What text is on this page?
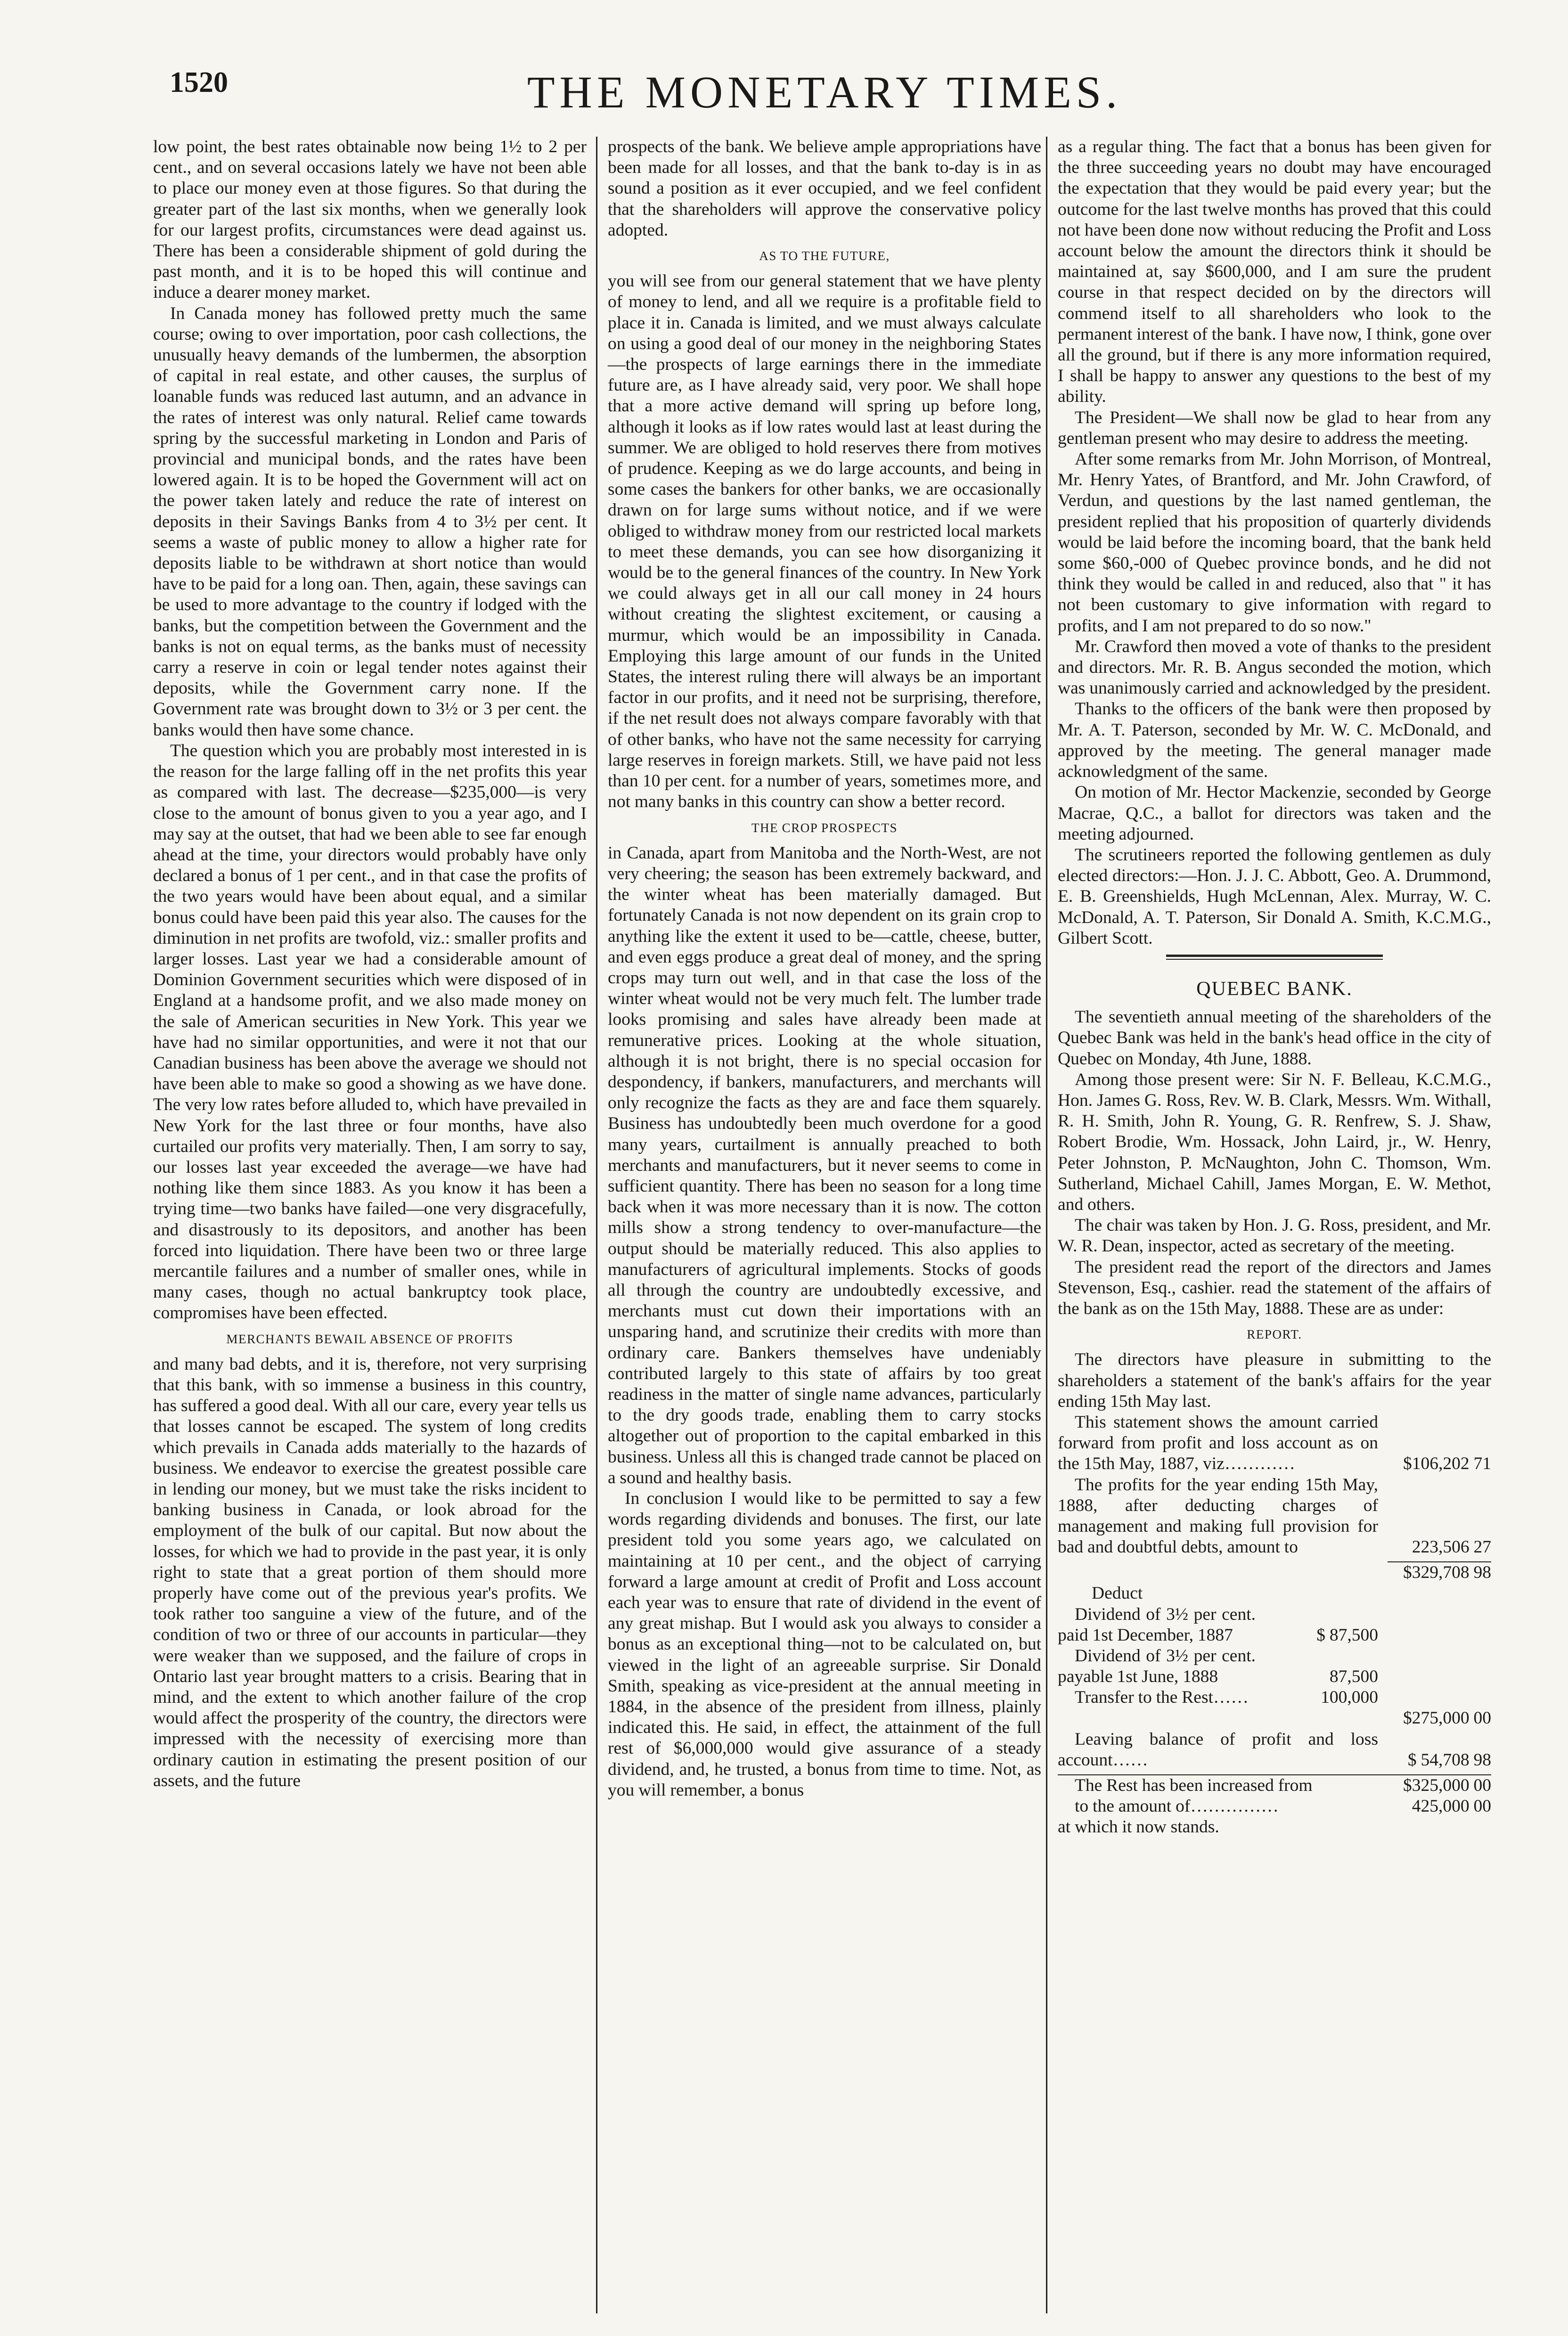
1520	THE MONETARY TIMES.

low point, the best rates obtainable now being 1½ to 2 per cent., and on several occasions lately we have not been able to place our money even at those figures. So that during the greater part of the last six months, when we generally look for our largest profits, circumstances were dead against us. There has been a considerable shipment of gold during the past month, and it is to be hoped this will continue and induce a dearer money market.

In Canada money has followed pretty much the same course; owing to over importation, poor cash collections, the unusually heavy demands of the lumbermen, the absorption of capital in real estate, and other causes, the surplus of loanable funds was reduced last autumn, and an advance in the rates of interest was only natural. Relief came towards spring by the successful marketing in London and Paris of provincial and municipal bonds, and the rates have been lowered again. It is to be hoped the Government will act on the power taken lately and reduce the rate of interest on deposits in their Savings Banks from 4 to 3½ per cent. It seems a waste of public money to allow a higher rate for deposits liable to be withdrawn at short notice than would have to be paid for a long oan. Then, again, these savings can be used to more advantage to the country if lodged with the banks, but the competition between the Government and the banks is not on equal terms, as the banks must of necessity carry a reserve in coin or legal tender notes against their deposits, while the Government carry none. If the Government rate was brought down to 3½ or 3 per cent. the banks would then have some chance.

The question which you are probably most interested in is the reason for the large falling off in the net profits this year as compared with last. The decrease—$235,000—is very close to the amount of bonus given to you a year ago, and I may say at the outset, that had we been able to see far enough ahead at the time, your directors would probably have only declared a bonus of 1 per cent., and in that case the profits of the two years would have been about equal, and a similar bonus could have been paid this year also. The causes for the diminution in net profits are twofold, viz.: smaller profits and larger losses. Last year we had a considerable amount of Dominion Government securities which were disposed of in England at a handsome profit, and we also made money on the sale of American securities in New York. This year we have had no similar opportunities, and were it not that our Canadian business has been above the average we should not have been able to make so good a showing as we have done. The very low rates before alluded to, which have prevailed in New York for the last three or four months, have also curtailed our profits very materially. Then, I am sorry to say, our losses last year exceeded the average—we have had nothing like them since 1883. As you know it has been a trying time—two banks have failed—one very disgracefully, and disastrously to its depositors, and another has been forced into liquidation. There have been two or three large mercantile failures and a number of smaller ones, while in many cases, though no actual bankruptcy took place, compromises have been effected.

MERCHANTS BEWAIL ABSENCE OF PROFITS

and many bad debts, and it is, therefore, not very surprising that this bank, with so immense a business in this country, has suffered a good deal. With all our care, every year tells us that losses cannot be escaped. The system of long credits which prevails in Canada adds materially to the hazards of business. We endeavor to exercise the greatest possible care in lending our money, but we must take the risks incident to banking business in Canada, or look abroad for the employment of the bulk of our capital. But now about the losses, for which we had to provide in the past year, it is only right to state that a great portion of them should more properly have come out of the previous year's profits. We took rather too sanguine a view of the future, and of the condition of two or three of our accounts in particular—they were weaker than we supposed, and the failure of crops in Ontario last year brought matters to a crisis. Bearing that in mind, and the extent to which another failure of the crop would affect the prosperity of the country, the directors were impressed with the necessity of exercising more than ordinary caution in estimating the present position of our assets, and the future

prospects of the bank. We believe ample appropriations have been made for all losses, and that the bank to-day is in as sound a position as it ever occupied, and we feel confident that the shareholders will approve the conservative policy adopted.

AS TO THE FUTURE,

you will see from our general statement that we have plenty of money to lend, and all we require is a profitable field to place it in. Canada is limited, and we must always calculate on using a good deal of our money in the neighboring States—the prospects of large earnings there in the immediate future are, as I have already said, very poor. We shall hope that a more active demand will spring up before long, although it looks as if low rates would last at least during the summer. We are obliged to hold reserves there from motives of prudence. Keeping as we do large accounts, and being in some cases the bankers for other banks, we are occasionally drawn on for large sums without notice, and if we were obliged to withdraw money from our restricted local markets to meet these demands, you can see how disorganizing it would be to the general finances of the country. In New York we could always get in all our call money in 24 hours without creating the slightest excitement, or causing a murmur, which would be an impossibility in Canada. Employing this large amount of our funds in the United States, the interest ruling there will always be an important factor in our profits, and it need not be surprising, therefore, if the net result does not always compare favorably with that of other banks, who have not the same necessity for carrying large reserves in foreign markets. Still, we have paid not less than 10 per cent. for a number of years, sometimes more, and not many banks in this country can show a better record.

THE CROP PROSPECTS

in Canada, apart from Manitoba and the North-West, are not very cheering; the season has been extremely backward, and the winter wheat has been materially damaged. But fortunately Canada is not now dependent on its grain crop to anything like the extent it used to be—cattle, cheese, butter, and even eggs produce a great deal of money, and the spring crops may turn out well, and in that case the loss of the winter wheat would not be very much felt. The lumber trade looks promising and sales have already been made at remunerative prices. Looking at the whole situation, although it is not bright, there is no special occasion for despondency, if bankers, manufacturers, and merchants will only recognize the facts as they are and face them squarely. Business has undoubtedly been much overdone for a good many years, curtailment is annually preached to both merchants and manufacturers, but it never seems to come in sufficient quantity. There has been no season for a long time back when it was more necessary than it is now. The cotton mills show a strong tendency to over-manufacture—the output should be materially reduced. This also applies to manufacturers of agricultural implements. Stocks of goods all through the country are undoubtedly excessive, and merchants must cut down their importations with an unsparing hand, and scrutinize their credits with more than ordinary care. Bankers themselves have undeniably contributed largely to this state of affairs by too great readiness in the matter of single name advances, particularly to the dry goods trade, enabling them to carry stocks altogether out of proportion to the capital embarked in this business. Unless all this is changed trade cannot be placed on a sound and healthy basis.

In conclusion I would like to be permitted to say a few words regarding dividends and bonuses. The first, our late president told you some years ago, we calculated on maintaining at 10 per cent., and the object of carrying forward a large amount at credit of Profit and Loss account each year was to ensure that rate of dividend in the event of any great mishap. But I would ask you always to consider a bonus as an exceptional thing—not to be calculated on, but viewed in the light of an agreeable surprise. Sir Donald Smith, speaking as vice-president at the annual meeting in 1884, in the absence of the president from illness, plainly indicated this. He said, in effect, the attainment of the full rest of $6,000,000 would give assurance of a steady dividend, and, he trusted, a bonus from time to time. Not, as you will remember, a bonus

as a regular thing. The fact that a bonus has been given for the three succeeding years no doubt may have encouraged the expectation that they would be paid every year; but the outcome for the last twelve months has proved that this could not have been done now without reducing the Profit and Loss account below the amount the directors think it should be maintained at, say $600,000, and I am sure the prudent course in that respect decided on by the directors will commend itself to all shareholders who look to the permanent interest of the bank. I have now, I think, gone over all the ground, but if there is any more information required, I shall be happy to answer any questions to the best of my ability.

The President—We shall now be glad to hear from any gentleman present who may desire to address the meeting.

After some remarks from Mr. John Morrison, of Montreal, Mr. Henry Yates, of Brantford, and Mr. John Crawford, of Verdun, and questions by the last named gentleman, the president replied that his proposition of quarterly dividends would be laid before the incoming board, that the bank held some $60,-000 of Quebec province bonds, and he did not think they would be called in and reduced, also that " it has not been customary to give information with regard to profits, and I am not prepared to do so now."

Mr. Crawford then moved a vote of thanks to the president and directors. Mr. R. B. Angus seconded the motion, which was unanimously carried and acknowledged by the president.

Thanks to the officers of the bank were then proposed by Mr. A. T. Paterson, seconded by Mr. W. C. McDonald, and approved by the meeting. The general manager made acknowledgment of the same.

On motion of Mr. Hector Mackenzie, seconded by George Macrae, Q.C., a ballot for directors was taken and the meeting adjourned.

The scrutineers reported the following gentlemen as duly elected directors:—Hon. J. J. C. Abbott, Geo. A. Drummond, E. B. Greenshields, Hugh McLennan, Alex. Murray, W. C. McDonald, A. T. Paterson, Sir Donald A. Smith, K.C.M.G., Gilbert Scott.

QUEBEC BANK.

The seventieth annual meeting of the shareholders of the Quebec Bank was held in the bank's head office in the city of Quebec on Monday, 4th June, 1888.

Among those present were: Sir N. F. Belleau, K.C.M.G., Hon. James G. Ross, Rev. W. B. Clark, Messrs. Wm. Withall, R. H. Smith, John R. Young, G. R. Renfrew, S. J. Shaw, Robert Brodie, Wm. Hossack, John Laird, jr., W. Henry, Peter Johnston, P. McNaughton, John C. Thomson, Wm. Sutherland, Michael Cahill, James Morgan, E. W. Methot, and others.

The chair was taken by Hon. J. G. Ross, president, and Mr. W. R. Dean, inspector, acted as secretary of the meeting.

The president read the report of the directors and James Stevenson, Esq., cashier. read the statement of the affairs of the bank as on the 15th May, 1888. These are as under:

REPORT.

The directors have pleasure in submitting to the shareholders a statement of the bank's affairs for the year ending 15th May last.

This statement shows the amount carried forward from profit and loss account as on the 15th May, 1887, viz…………	$106,202 71

The profits for the year ending 15th May, 1888, after deducting charges of management and making full provision for bad and doubtful debts, amount to	223,506 27

$329,708 98

Deduct

Dividend of 3½ per cent. paid 1st December, 1887	$ 87,500

Dividend of 3½ per cent. payable 1st June, 1888	87,500

Transfer to the Rest……	100,000

$275,000 00

Leaving balance of profit and loss account……	$ 54,708 98

The Rest has been increased from	$325,000 00

to the amount of……………	425,000 00

at which it now stands.
